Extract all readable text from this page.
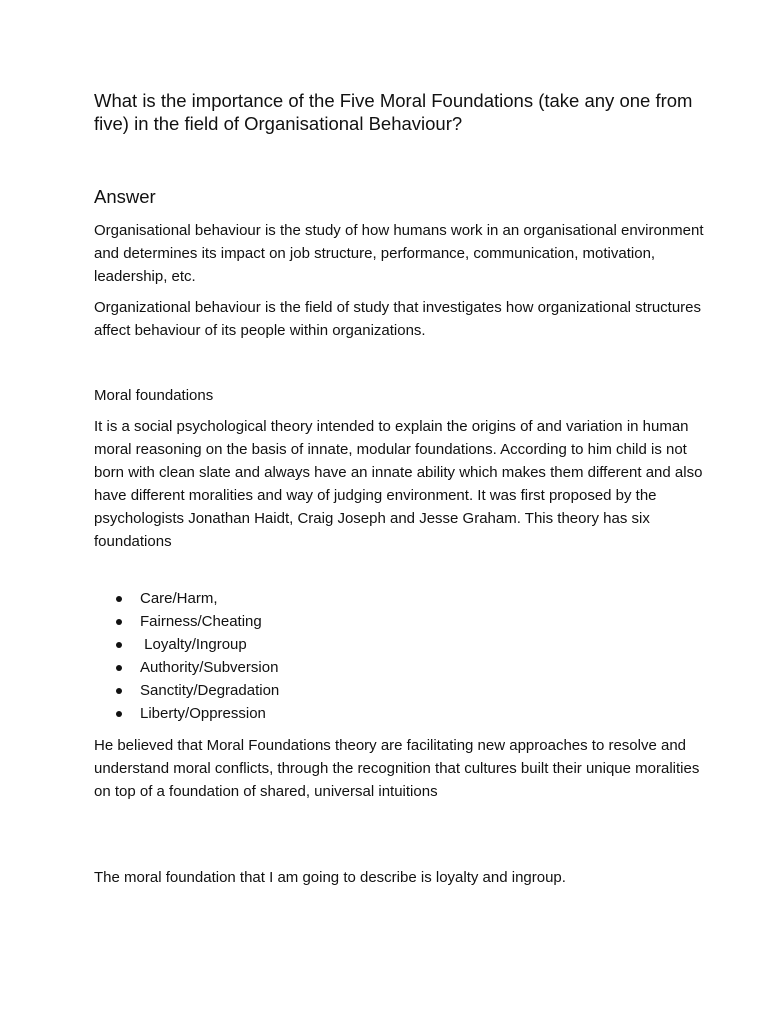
What is the importance of the Five Moral Foundations (take any one from five) in the field of Organisational Behaviour?

Answer

Organisational behaviour is the study of how humans work in an organisational environment and determines its impact on job structure, performance, communication, motivation, leadership, etc.

Organizational behaviour is the field of study that investigates how organizational structures affect behaviour of its people within organizations.

Moral foundations

It is a social psychological theory intended to explain the origins of and variation in human moral reasoning on the basis of innate, modular foundations. According to him child is not born with clean slate and always have an innate ability which makes them different and also have different moralities and way of judging environment. It was first proposed by the psychologists Jonathan Haidt, Craig Joseph and Jesse Graham. This theory has six foundations

Care/Harm,
Fairness/Cheating
Loyalty/Ingroup
Authority/Subversion
Sanctity/Degradation
Liberty/Oppression

He believed that Moral Foundations theory are facilitating new approaches to resolve and understand moral conflicts, through the recognition that cultures built their unique moralities on top of a foundation of shared, universal intuitions

The moral foundation that I am going to describe is loyalty and ingroup.
